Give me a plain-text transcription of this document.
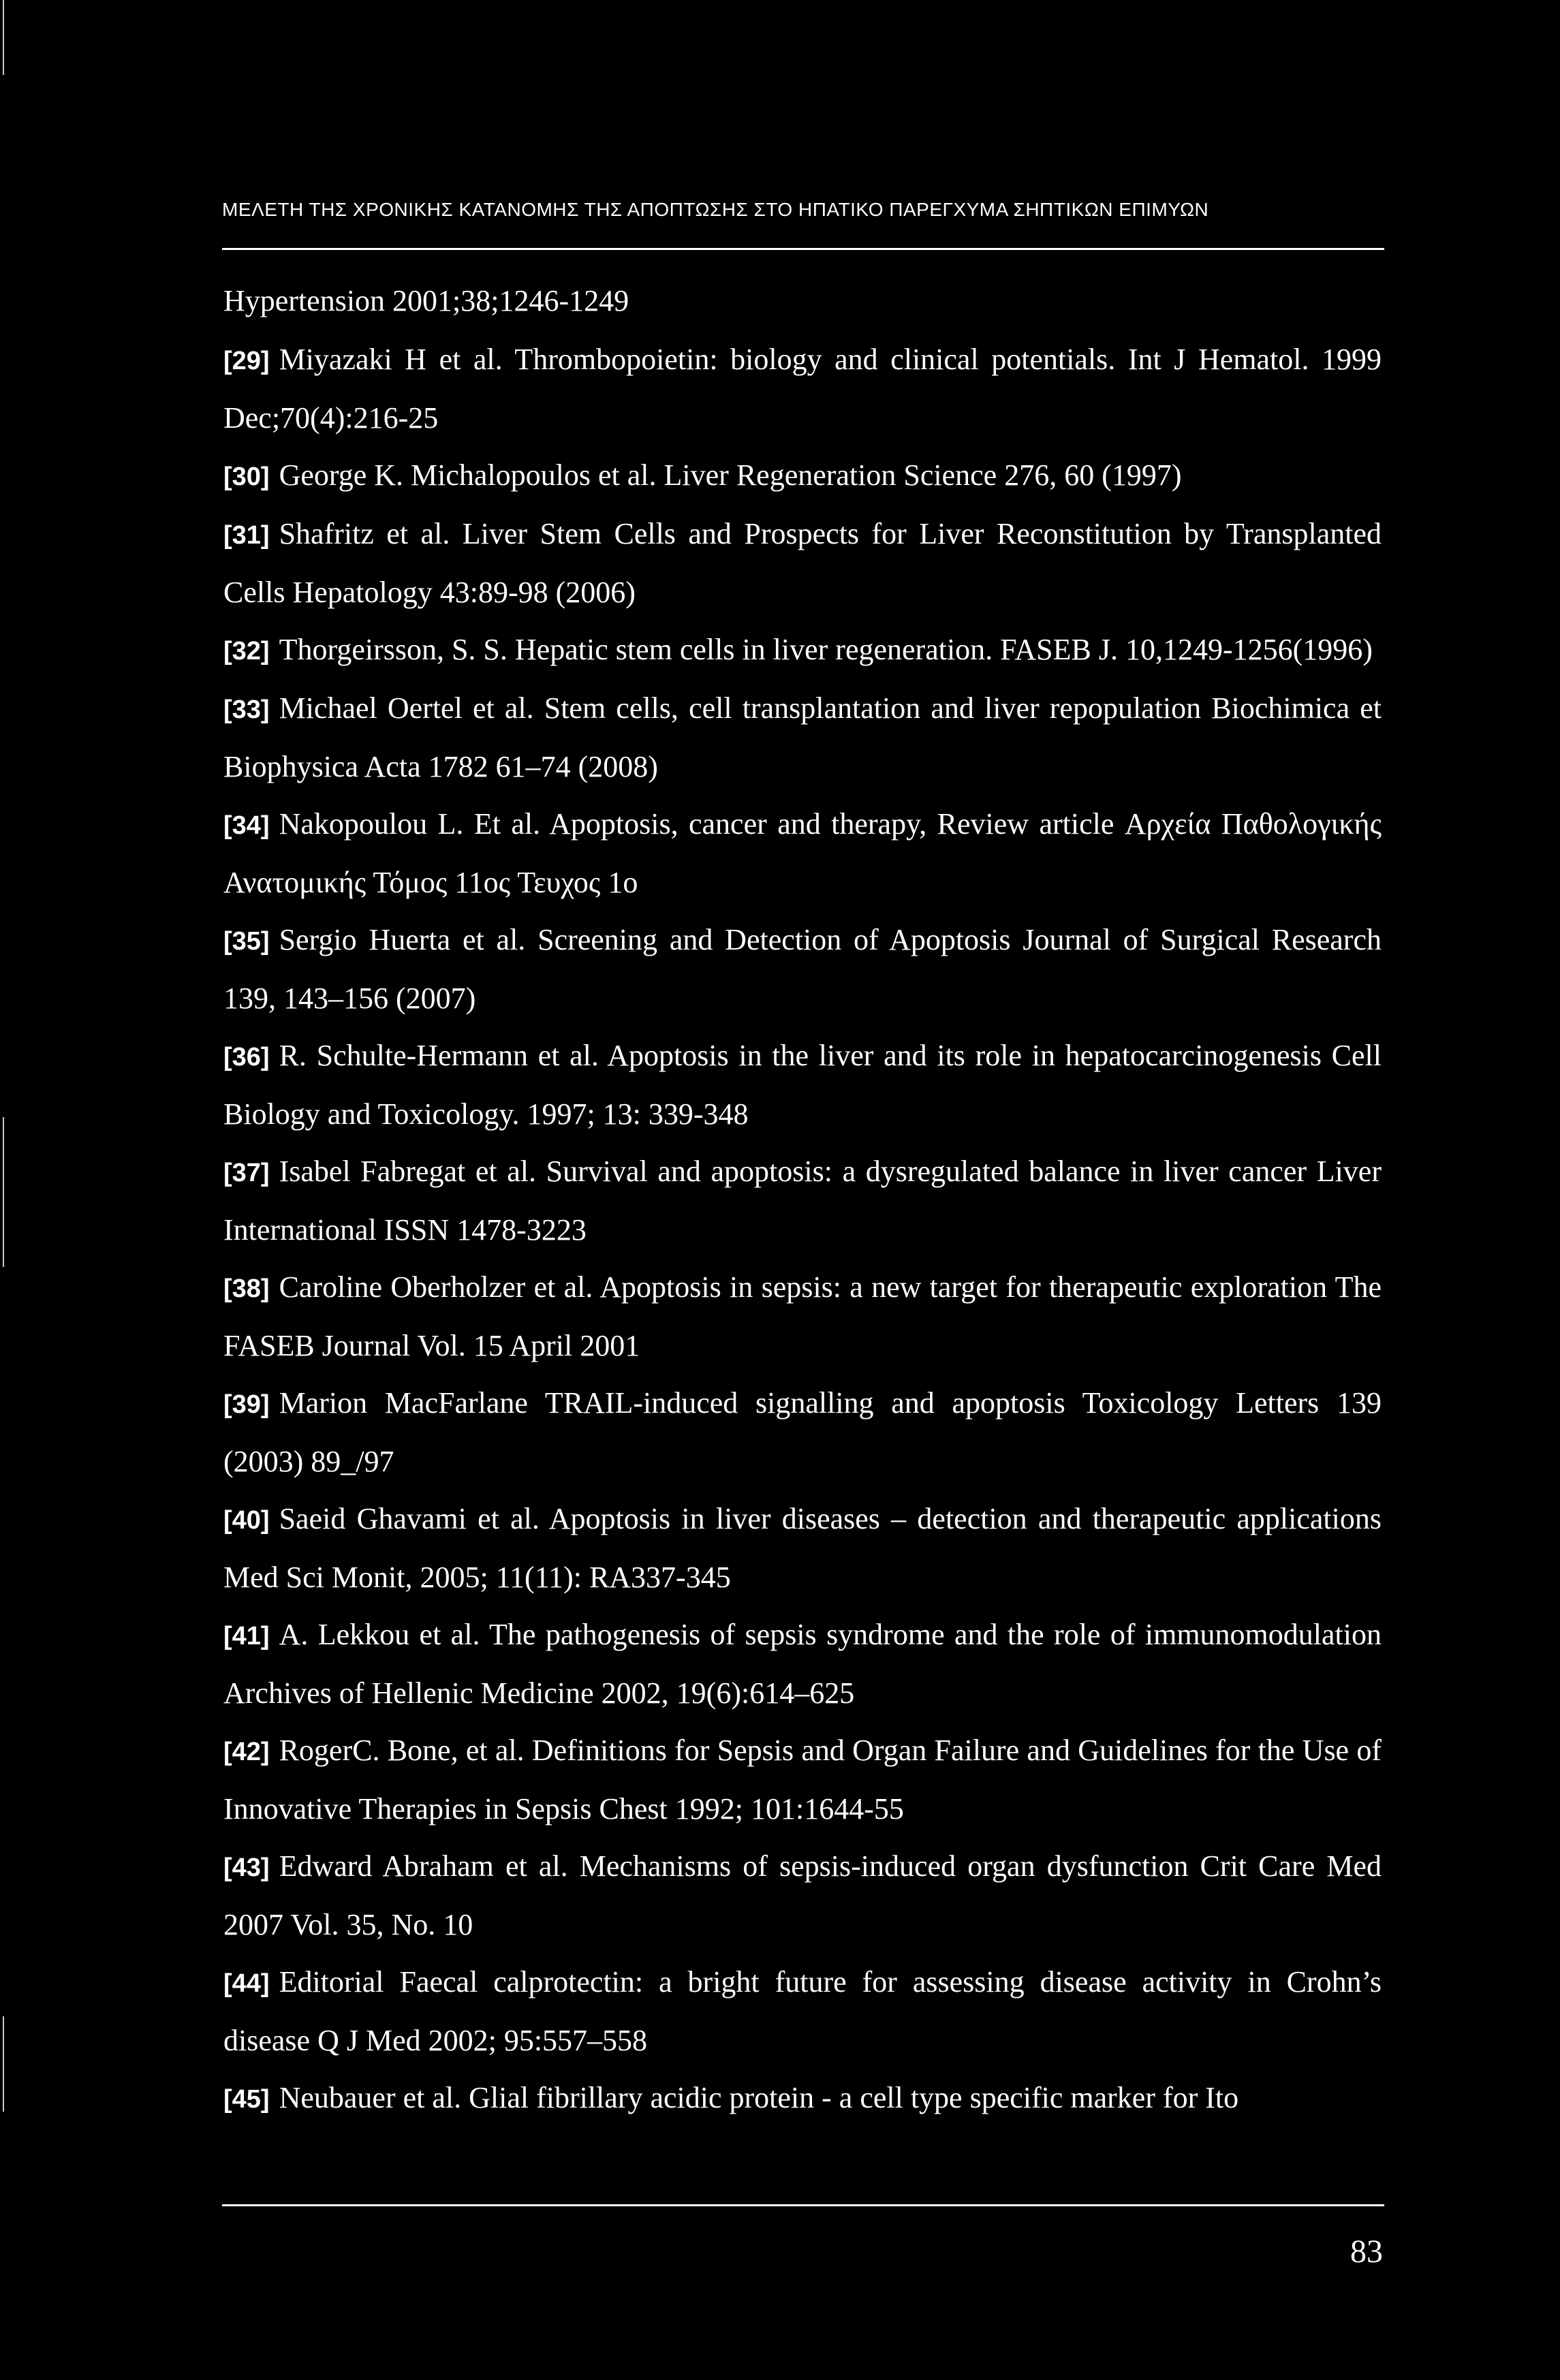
ΜΕΛΕΤΗ ΤΗΣ ΧΡΟΝΙΚΗΣ ΚΑΤΑΝΟΜΗΣ ΤΗΣ ΑΠΟΠΤΩΣΗΣ ΣΤΟ ΗΠΑΤΙΚΟ ΠΑΡΕΓΧΥΜΑ ΣΗΠΤΙΚΩΝ ΕΠΙΜΥΩΝ

Hypertension 2001;38;1246-1249

[29] Miyazaki H et al. Thrombopoietin: biology and clinical potentials. Int J Hematol. 1999 Dec;70(4):216-25

[30] George K. Michalopoulos et al. Liver Regeneration Science 276, 60 (1997)

[31] Shafritz et al. Liver Stem Cells and Prospects for Liver Reconstitution by Transplanted Cells Hepatology 43:89-98 (2006)

[32] Thorgeirsson, S. S. Hepatic stem cells in liver regeneration. FASEB J. 10,1249-1256(1996)

[33] Michael Oertel et al. Stem cells, cell transplantation and liver repopulation Biochimica et Biophysica Acta 1782 61–74 (2008)

[34] Nakopoulou L. Et al. Apoptosis, cancer and therapy, Review article Αρχεία Παθολογικής Ανατομικής Τόμος 11ος Τευχος 1ο

[35] Sergio Huerta et al. Screening and Detection of Apoptosis Journal of Surgical Research 139, 143–156 (2007)

[36] R. Schulte-Hermann et al. Apoptosis in the liver and its role in hepatocarcinogenesis Cell Biology and Toxicology. 1997; 13: 339-348

[37] Isabel Fabregat et al. Survival and apoptosis: a dysregulated balance in liver cancer Liver International ISSN 1478-3223

[38] Caroline Oberholzer et al. Apoptosis in sepsis: a new target for therapeutic exploration The FASEB Journal Vol. 15 April 2001

[39] Marion MacFarlane TRAIL-induced signalling and apoptosis Toxicology Letters 139 (2003) 89_/97

[40] Saeid Ghavami et al. Apoptosis in liver diseases – detection and therapeutic applications Med Sci Monit, 2005; 11(11): RA337-345

[41] A. Lekkou et al. The pathogenesis of sepsis syndrome and the role of immunomodulation Archives of Hellenic Medicine 2002, 19(6):614–625

[42] RogerC. Bone, et al. Definitions for Sepsis and Organ Failure and Guidelines for the Use of Innovative Therapies in Sepsis Chest 1992; 101:1644-55

[43] Edward Abraham et al. Mechanisms of sepsis-induced organ dysfunction Crit Care Med 2007 Vol. 35, No. 10

[44] Editorial Faecal calprotectin: a bright future for assessing disease activity in Crohn’s disease Q J Med 2002; 95:557–558

[45] Neubauer et al. Glial fibrillary acidic protein - a cell type specific marker for Ito

83
